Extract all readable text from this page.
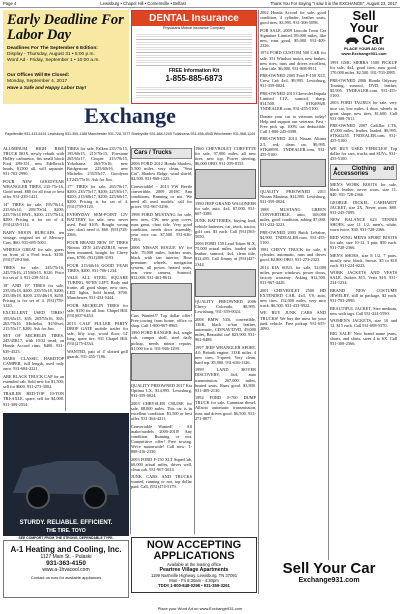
Page 4	Lewisburg • Chapel Hill • Cornersville • Belfast	Thank You For Saying "I saw it in the EXCHANGE", August 23, 2017
Early Deadline For Labor Day
Deadlines For The September 6 Edition:
Display - Thursday, August 31 • 5:00 p.m.
Word Ad - Friday, September 1 • 10:00 a.m.
Our Offices Will Be Closed:
Monday, September 4, 2017
Have a Safe and Happy Labor Day!
DENTAL Insurance
Physicians Mutual Insurance Company
FREE Information Kit
1-855-885-6873
Sell
Your
Car
PLACE YOUR AD ON
www.Exchange931.com
Exchange
Fayetteville 931-433-6151 Lewisburg 931-359-1188 Manchester 931-728-7577 Shelbyville 931-684-1200 Tullahoma 931-455-4545 Winchester 931-968-1144

ALUMINUM HIGH RISE TRUCK BOX, newly rebuilt with Holley carburetor, fits small block Ford 289-351, new Edelbrock heads, $1500 all, will separate. 931-703-2990.

FOUR NEW GOODYEAR WRANGLER TIRES, 235-75r-16, Good tread, $80 for all four or best offer. 931-239-1421.

14" TIRES for sale, 195/70r14, 215/65r14, 205/70r14, $200; 225/70r14 BWL, $200; 215/75r14, $200. Pricing is for set of 4. (931)235-5114.

BABY MOON HUBCAPS, ten vintage, original set of Mercury Cars, $60. 931-695-5001.

WHEELS GREAT for sale, guess on front of a Ford truck. $100. (931)728-2366.

TIRES for sale, 245/75r16, 245/70r16, 215/60r15. $120. Price for set of 4. 931-239-5114.

18" AND 19" TIRES for sale, 235/45r18, $200. 235/55r18, $200; 235/40r18, $200. 235/40r19, $250. Pricing is for set of 4. (931)759-3120.

EXCELLENT USED TIRES! 195/65r15, $35; 205/55r16, $35; 265/70r16 Michelin, $150/set; 215/55r17, $200. Ask for Jim.

SET OF MICHELIN TIRES, 245/45R17, with 10/32 tread, on Honda Accord rims. $400. 931-639-4523.

MARS CLASSIC HARDTOP CAMPER, full length, used only once. 931-684-2221.

ARE BLACK TRUCK CAP for an extended cab. Sold new for $1,500; sell for $600. 931-273-3002.

TRAILER RED-TOP 10-TON TRI-AXLE, spare, sell for $4,000. 931-309-2554.

TIRES for sale, Falken 235/75r15, 195/60r15, 215/70r15, Firestone 265/65r17, Cooper 215/70r15, Yokohama 265/70r16, new Bridgestone 225/60r16, new Michelin 235/55r17, Goodyear LT245/75r16. Ask for Jim.

17" TIRES for sale, 265/70r17, $200; 235/75r17, $200; 225/65r17, $200; 215/60r17, $200; 225/60r17, $200. Pricing is for set of 4. (931)759-3120.

EVERYDAY SEM-POINT 12V BATTERY for sale, new, never used. Paid $105. Bought wrong size, don't need it, $60. (931)728-2366.

FOUR BRAND NEW 18" TIRES Nitrous ZEN 245/45ZR18, never been mounted, bought for Chevy rims, $700. (931)308-3193.

FOUR 215/60r16 GOOD YEAR TIRES, $200. 931-706-1234.

VALE ALL STEEL SQUARE TUBING, 90°RV LIFT, Body and frame, all good shape, new tires, LED lights, Sold brand, $700. Manchester, 931-434-5444.

FOUR MICHELIN TIRES for sale, $150 for all four. Chapel Hill. (931)607-6454.

2013 CALF PULLER PARTY DROP GATE mobile trailer for sale, fifty way, wood floor, 14' long, spare tire, 931 Chapel Hill. (931)275-4334.

WANTED, pair of 4' slotted grill guards. 931-455-7186.

Cars / Trucks

2006 FORD 2012 Honda Shadow, 5,500 miles, very clean, "Seat Cat", Shadow Ridge, wind shield, $2,500. 931-968-1225.

Convertable! - 2013 VW Beetle convertible, 2009 2018C Ann conditions, Running or not. We need all used models. call for prices. 931-967-5296.

1998 FORD MUSTANG for sale, new tires, CW, new gray cover, runs great, clear title. Very good condition, needs door assembly, year nice car. $7,500. 931-636-7293.

2006 NISSAN ROGUE SV for sale, 79,000 miles, leather seats, black with tan interior, Bose premium wheels, navigation system, all power, heated seats, rear view camera, Sunroof. $12,000. 931-461-8612.

Cars Wanted!? Top dollar offer! Free towing from home, office or shop. Call 1-800-967-8965.

1990 FORD RANGER 4x4, single cab, camper shell, steel daily pickup, needs minor repairs. $1,000 for it. 931-946-1299.

QUALITY PREOWNED 2017 Kia Optima LX, $14,995. Lewisburg, 931-359-0024.

2003 CHRYSLER CRUISE for sale, 88,000 miles. This car is in excellent condition. $3,500 or best offer. 931-364-4211.

Convertable Wanted! - All make/models 2000-2010! Any condition. Running or not. Competitive offer! Free towing. We're nationwide! Call now: 1-888-416-2330.

2003 FORD F-150 XLT SuperCab, 60,000 actual miles, drives well, clean cab. 931-967-3024.

JUNK CARS AND TRUCKS wanted, running or not, top dollar paid. Call, (931)474-5179.

1960 CHEVROLET CORVETTE for sale, 97,000 miles, all new tires, new top, Power steering, $6,000 OBO. 931-259-8155.

1990 JEEP GRAND WAGONEER for sale, auto, 4x4, $7,000. 931-607-3388.

JUNK BATTERIES, buying lead, vehicle batteries, car, truck, tractor, golf cart. $3 each. Call (931)563-5050.

2006 FORD 150 Lead Token SLX, 75,000 actual miles, loaded with leather, sunroof, 4x4, clean title, $12,495. Call Jimmy at (931)427-2344.

QUALITY PREOWNED 2006 Chevy Colorado, $8,995. Lewisburg, 931-359-0024.

2008 BMW 535i, convertible, 136K, black w/tan leather, automatic, CD/NAV/DVD, 49,000 miles, Beautiful car! $23,900. 931-962-0488.

1997 JEEP WRANGLER SPORT, 4.0, Rebuilt engine, 133K miles, 4 new tires, 5-speed, Very clean, hard top. $5,900. 931-636-1126.

1999 LAND ROVER DISCOVERY, 4x4, auto transmission, 207,000 miles, heated seats. Runs good. $3,800. 931-409-2130.

1992 FORD F-700 DUMP TRUCK for sale, Cummins diesel, Allison automatic transmission, runs and drives good. $6,500. 931-271-8877.

2002 Honda Accord for sale, good condition, 4 cylinder, leather seats, good tires. $3,995. 931-306-5098.

FOR SALE, 2009 Lincoln Town Car Signature Limited, 89,000 miles, like new, runs good, $5,000. 931-409-2326.

1974 FORD CUSTOM 500 CAR for sale, 351 Windsor motor, new brakes, new tires, runs and drives excellent, clear title. $6,000. 931-808-9911.

PRE-OWNED 2005 Ford F-150 XLT, Crew Cab 4x4, $9,995. Lewisburg, 931-359-0024.

PRE-OWNED 2015 Chevrolet Impala Limited LTZ, sunroof, sharp, $14,500. STK#9928. TNDEALER.com, 931-455-5100.

Donate your car to veterans today! Help and support our veterans. Fast - Free pick up. 100% tax deductible. Call 1-800-245-0398.

PRE-OWNED 2014 Nissan Altima 2.5, red, clean car, $9,995. STK#8991. TNDEALER.com, 931-455-5100.

QUALITY PREOWNED 2011 Nissan Maxima, $14,995. Lewisburg, 931-359-0024.

1988 MUSTANG GREEN CONVERTIBLE, auto, 168,000 miles, good condition, asking $7,000. 931-232-3223.

PRE-OWNED 2003 Buick LeSabre, $4,900. TNDEALER.com, 931-455-5100.

1981 CHEVY TRUCK for sale, 6 cylinder, automatic, runs and drives good, $2,800 OBO. 931-273-2323.

2014 KIA SOUL for sale, 32,000 miles, power windows, power doors, factory warranty. Asking $12,500. 931-967-4420.

2001 CHEVROLET 2500 HD EXTENDED CAB, 4x4, V8, auto, new tires, 152,000 miles, very nice truck. $6,500. 931-433-9922.

WE BUY JUNK CARS AND TRUCKS! We buy the most for your junk vehicle. Free pickup. 931-655-2090.

1991 GMC SIERRA 1500 PICKUP for sale, 4x4, good tires, runs good, 170,000 miles. $2,500. 931-703-2885.

PRE-OWNED 2006 Honda Odyssey Touring, sunroof, DVD, leather, $5,995. TNDEALER.com, 931-455-5100.

2003 FORD TAURUS for sale, very nice car, low miles, 4 door, wheels in great shape, new tires, $1,600. Call 931-308-7611.

PRE-OWNED 2007 Cadillac CTS, 47,000 miles, leather, loaded, $8,995. STK#2255. TNDEALER.com, 931-455-5100.

WE BUY USED VEHICLES! Top dollar for cars, trucks and SUVs. 931-455-5100.

▲ Clothing and Accessories

MEN'S WORK BOOTS for sale, black leather, never worn, size 11. $40. 931-728-2366.

GEORGE DICKEL CARHARTT JACKET, size 2X, Never worn. $80. 931-245-7099.

NEW BALANCE 623 TENNIS SHOES, size 11 1/2, men's, white, worn twice, $30. 931-728-2366.

RED WING MEN'S SPORT BOOTS for sale, size 10-12, 3 pair, $50 each. 931-728-2366.

MEN'S SHOES, size 8 1/2, 7 pairs, mostly new, black, brown, $5 to $10 each. 931-224-0223.

WORK JACKETS AND VESTS SALE, Jackets $15, Vests $10. 931-234-1234.

BRAND NEW COSTUME JEWELRY, still in package, $2 each. 931-703-2990.

BEAUTIFUL JACKET, Size medium, new with tags. Call 931-224-5590.

WOMEN'S JACKETS, size 10 and 12, $15 each. Call 931-698-5570.

BIG SALE! New brand name jeans, shorts, and shirts, sizes 4 to 6X. Call 931-308-2366.

STURDY. RELIABLE. EFFICIENT.
THE TIRE. TOYO
SEE COMFORT FROM THE STRONG, DEPENDABLE TYPE.
A-1 Heating and Cooling, Inc.
1127 Main St. - Pulaski
931-363-4150
www.a-1hvacool.com
Contact us now for available appliances
NOW ACCEPTING APPLICATIONS
Available at the leasing office
Peartree Village Apartments
1199 Nashville Highway, Lewisburg, TN 37091
Mon - Fri 8:30am - 4:30pm
TDD# 1-800-848-0298 • 931-359-3261
Sell Your Car
Exchange931.com
Place your Word Ad on www.Exchange931.com
